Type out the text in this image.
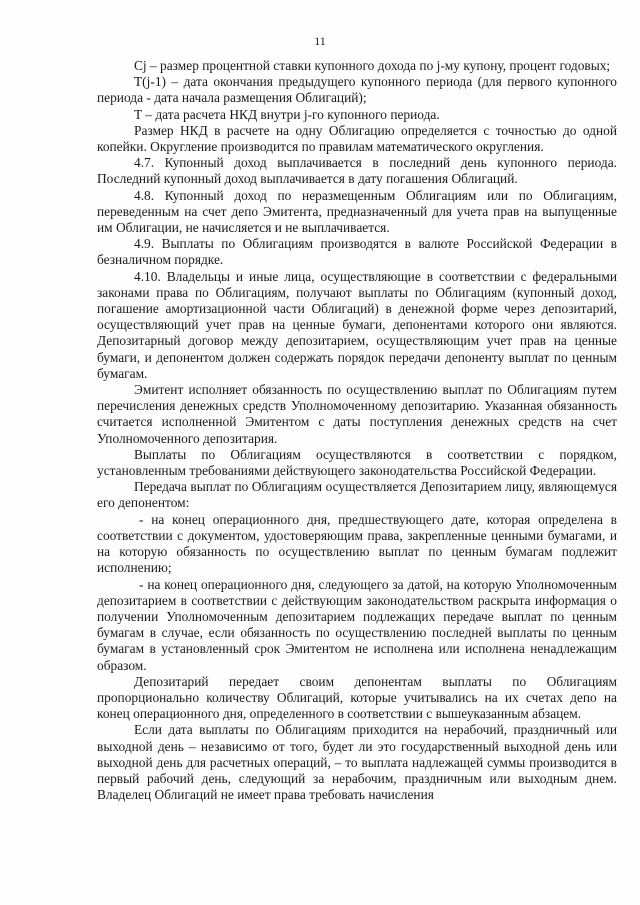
11

Cj – размер процентной ставки купонного дохода по j-му купону, процент годовых;

T(j-1) – дата окончания предыдущего купонного периода (для первого купонного периода - дата начала размещения Облигаций);

T – дата расчета НКД внутри j-го купонного периода.

Размер НКД в расчете на одну Облигацию определяется с точностью до одной копейки. Округление производится по правилам математического округления.

4.7. Купонный доход выплачивается в последний день купонного периода. Последний купонный доход выплачивается в дату погашения Облигаций.

4.8. Купонный доход по неразмещенным Облигациям или по Облигациям, переведенным на счет депо Эмитента, предназначенный для учета прав на выпущенные им Облигации, не начисляется и не выплачивается.

4.9. Выплаты по Облигациям производятся в валюте Российской Федерации в безналичном порядке.

4.10. Владельцы и иные лица, осуществляющие в соответствии с федеральными законами права по Облигациям, получают выплаты по Облигациям (купонный доход, погашение амортизационной части Облигаций) в денежной форме через депозитарий, осуществляющий учет прав на ценные бумаги, депонентами которого они являются. Депозитарный договор между депозитарием, осуществляющим учет прав на ценные бумаги, и депонентом должен содержать порядок передачи депоненту выплат по ценным бумагам.

Эмитент исполняет обязанность по осуществлению выплат по Облигациям путем перечисления денежных средств Уполномоченному депозитарию. Указанная обязанность считается исполненной Эмитентом с даты поступления денежных средств на счет Уполномоченного депозитария.

Выплаты по Облигациям осуществляются в соответствии с порядком, установленным требованиями действующего законодательства Российской Федерации.

Передача выплат по Облигациям осуществляется Депозитарием лицу, являющемуся его депонентом:

- на конец операционного дня, предшествующего дате, которая определена в соответствии с документом, удостоверяющим права, закрепленные ценными бумагами, и на которую обязанность по осуществлению выплат по ценным бумагам подлежит исполнению;

- на конец операционного дня, следующего за датой, на которую Уполномоченным депозитарием в соответствии с действующим законодательством раскрыта информация о получении Уполномоченным депозитарием подлежащих передаче выплат по ценным бумагам в случае, если обязанность по осуществлению последней выплаты по ценным бумагам в установленный срок Эмитентом не исполнена или исполнена ненадлежащим образом.

Депозитарий передает своим депонентам выплаты по Облигациям пропорционально количеству Облигаций, которые учитывались на их счетах депо на конец операционного дня, определенного в соответствии с вышеуказанным абзацем.

Если дата выплаты по Облигациям приходится на нерабочий, праздничный или выходной день – независимо от того, будет ли это государственный выходной день или выходной день для расчетных операций, – то выплата надлежащей суммы производится в первый рабочий день, следующий за нерабочим, праздничным или выходным днем. Владелец Облигаций не имеет права требовать начисления
